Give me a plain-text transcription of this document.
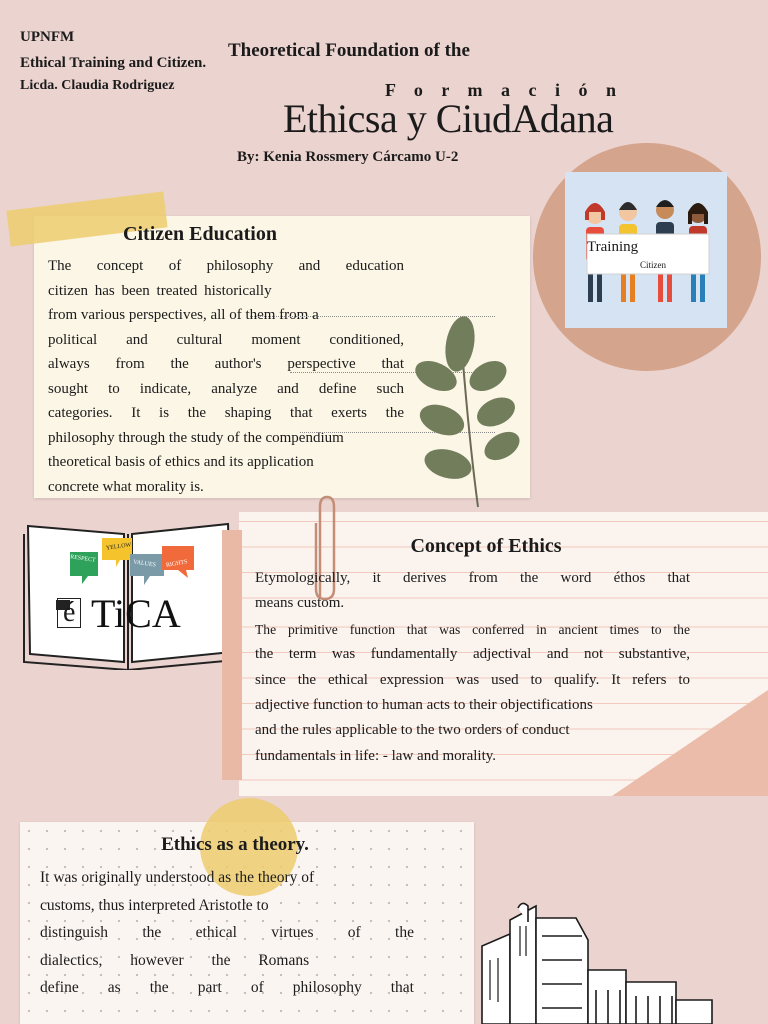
UPNFM
Ethical Training and Citizen.
Licda. Claudia Rodriguez
Theoretical Foundation of the
F o r m a c i ó n
Ethicsa y CiudAdana
By: Kenia Rossmery Cárcamo U-2
Training
Citizen
Citizen Education
The concept of philosophy and education
citizen has been treated historically
from various perspectives, all of them from a
political and cultural moment conditioned,
always from the author's perspective that
sought to indicate, analyze and define such
categories. It is the shaping that exerts the
philosophy through the study of the compendium
theoretical basis of ethics and its application
concrete what morality is.
RESPECT
YELLOW
VALUES RIGHTS
é TiCA
Concept of Ethics
Etymologically, it derives from the word éthos that
means custom.
The primitive function that was conferred in ancient times to the
the term was fundamentally adjectival and not substantive,
since the ethical expression was used to qualify. It refers to
adjective function to human acts to their objectifications
and the rules applicable to the two orders of conduct
fundamentals in life: - law and morality.
Ethics as a theory.
It was originally understood as the theory of
customs, thus interpreted Aristotle to
distinguish the ethical virtues of the
dialectics, however the Romans
define as the part of philosophy that
